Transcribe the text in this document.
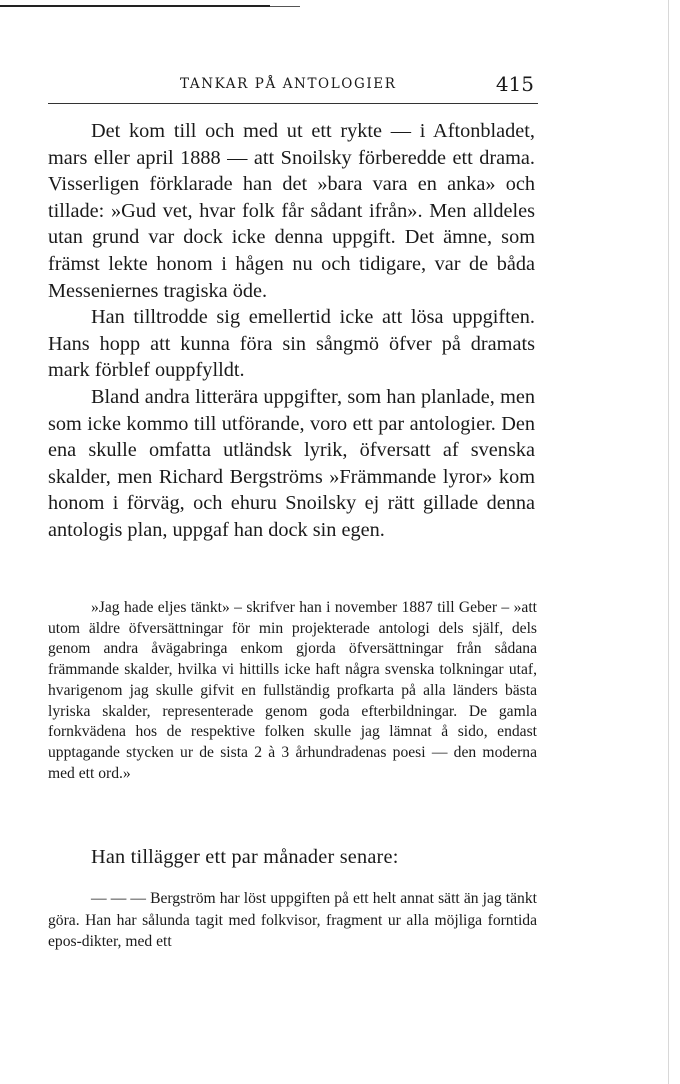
TANKAR PÅ ANTOLOGIER	415

Det kom till och med ut ett rykte — i Aftonbladet, mars eller april 1888 — att Snoilsky förberedde ett drama. Visserligen förklarade han det »bara vara en anka» och tillade: »Gud vet, hvar folk får sådant ifrån». Men alldeles utan grund var dock icke denna uppgift. Det ämne, som främst lekte honom i hågen nu och tidigare, var de båda Messeniernes tragiska öde.

Han tilltrodde sig emellertid icke att lösa uppgiften. Hans hopp att kunna föra sin sångmö öfver på dramats mark förblef ouppfylldt.

Bland andra litterära uppgifter, som han planlade, men som icke kommo till utförande, voro ett par antologier. Den ena skulle omfatta utländsk lyrik, öfversatt af svenska skalder, men Richard Bergströms »Främmande lyror» kom honom i förväg, och ehuru Snoilsky ej rätt gillade denna antologis plan, uppgaf han dock sin egen.

»Jag hade eljes tänkt» – skrifver han i november 1887 till Geber – »att utom äldre öfversättningar för min projekterade antologi dels själf, dels genom andra åvägabringa enkom gjorda öfversättningar från sådana främmande skalder, hvilka vi hittills icke haft några svenska tolkningar utaf, hvarigenom jag skulle gifvit en fullständig profkarta på alla länders bästa lyriska skalder, representerade genom goda efterbildningar. De gamla fornkvädena hos de respektive folken skulle jag lämnat å sido, endast upptagande stycken ur de sista 2 à 3 århundradenas poesi — den moderna med ett ord.»

Han tillägger ett par månader senare:

— — — Bergström har löst uppgiften på ett helt annat sätt än jag tänkt göra. Han har sålunda tagit med folkvisor, fragment ur alla möjliga forntida epos-dikter, med ett
